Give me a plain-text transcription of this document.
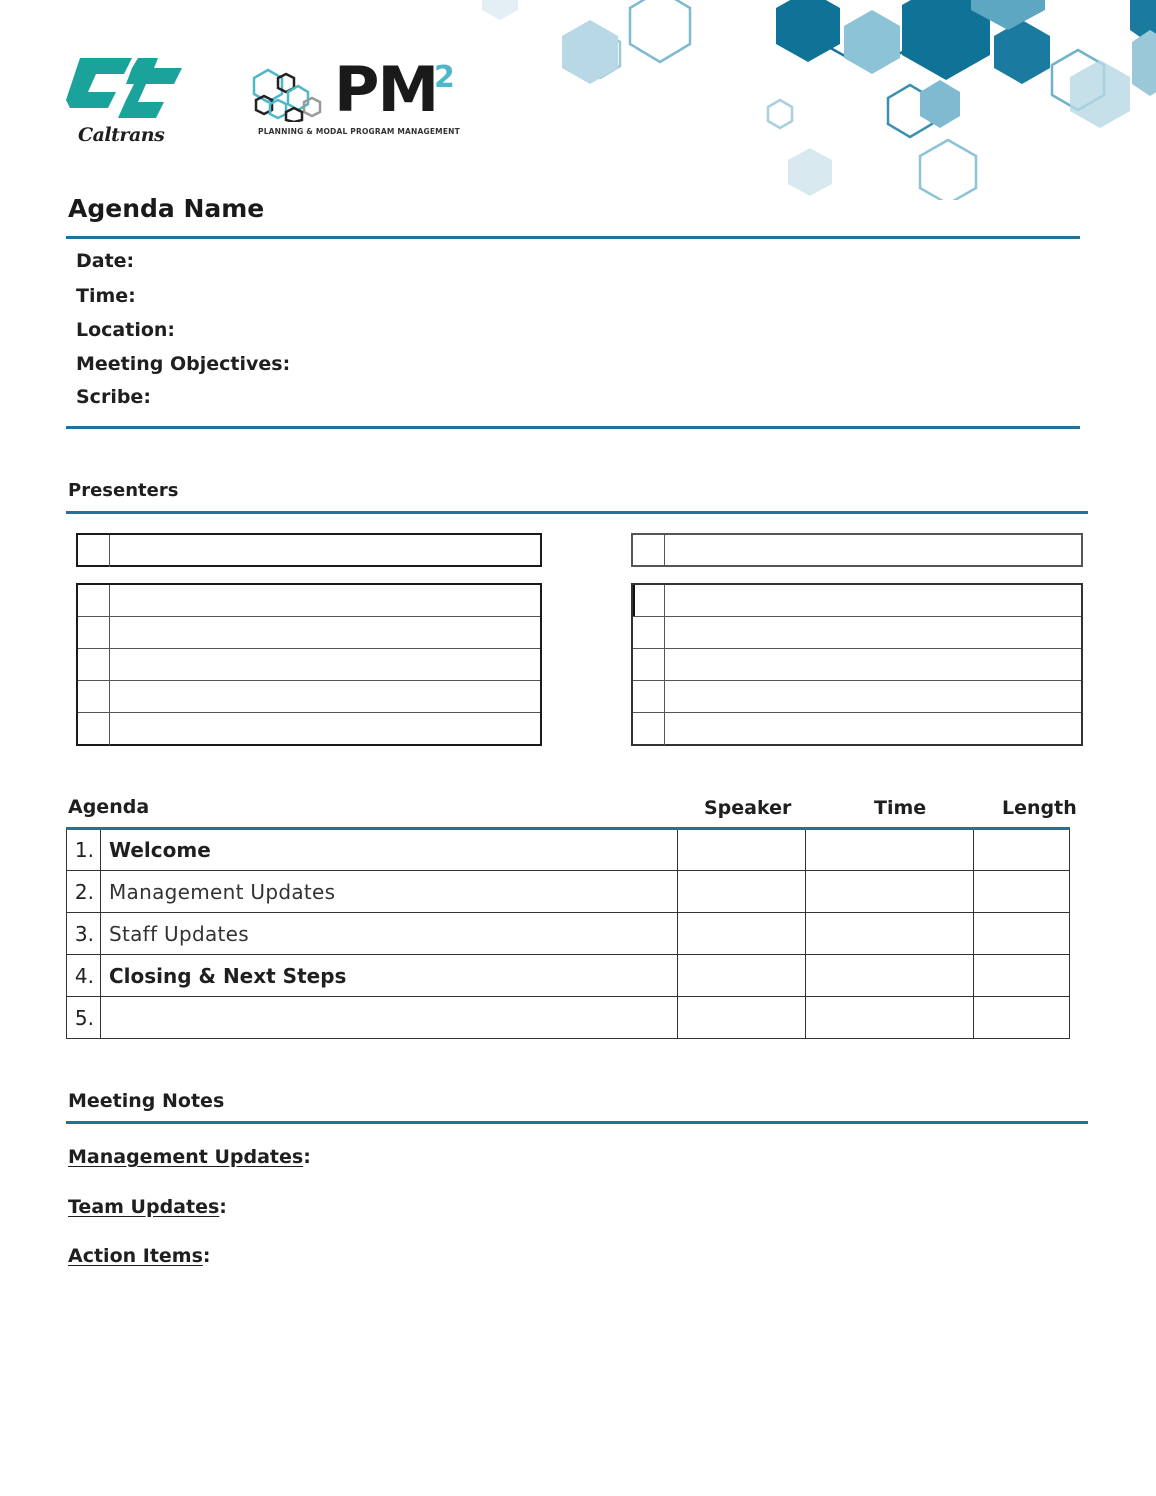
Caltrans
PM
2
PLANNING & MODAL PROGRAM MANAGEMENT
Agenda Name
Date:
Time:
Location:
Meeting Objectives:
Scribe:
Presenters
Agenda	Speaker	Time	Length
1.	Welcome			
2.	Management Updates			
3.	Staff Updates			
4.	Closing & Next Steps			
5.				
Meeting Notes
Management Updates:
Team Updates:
Action Items:
